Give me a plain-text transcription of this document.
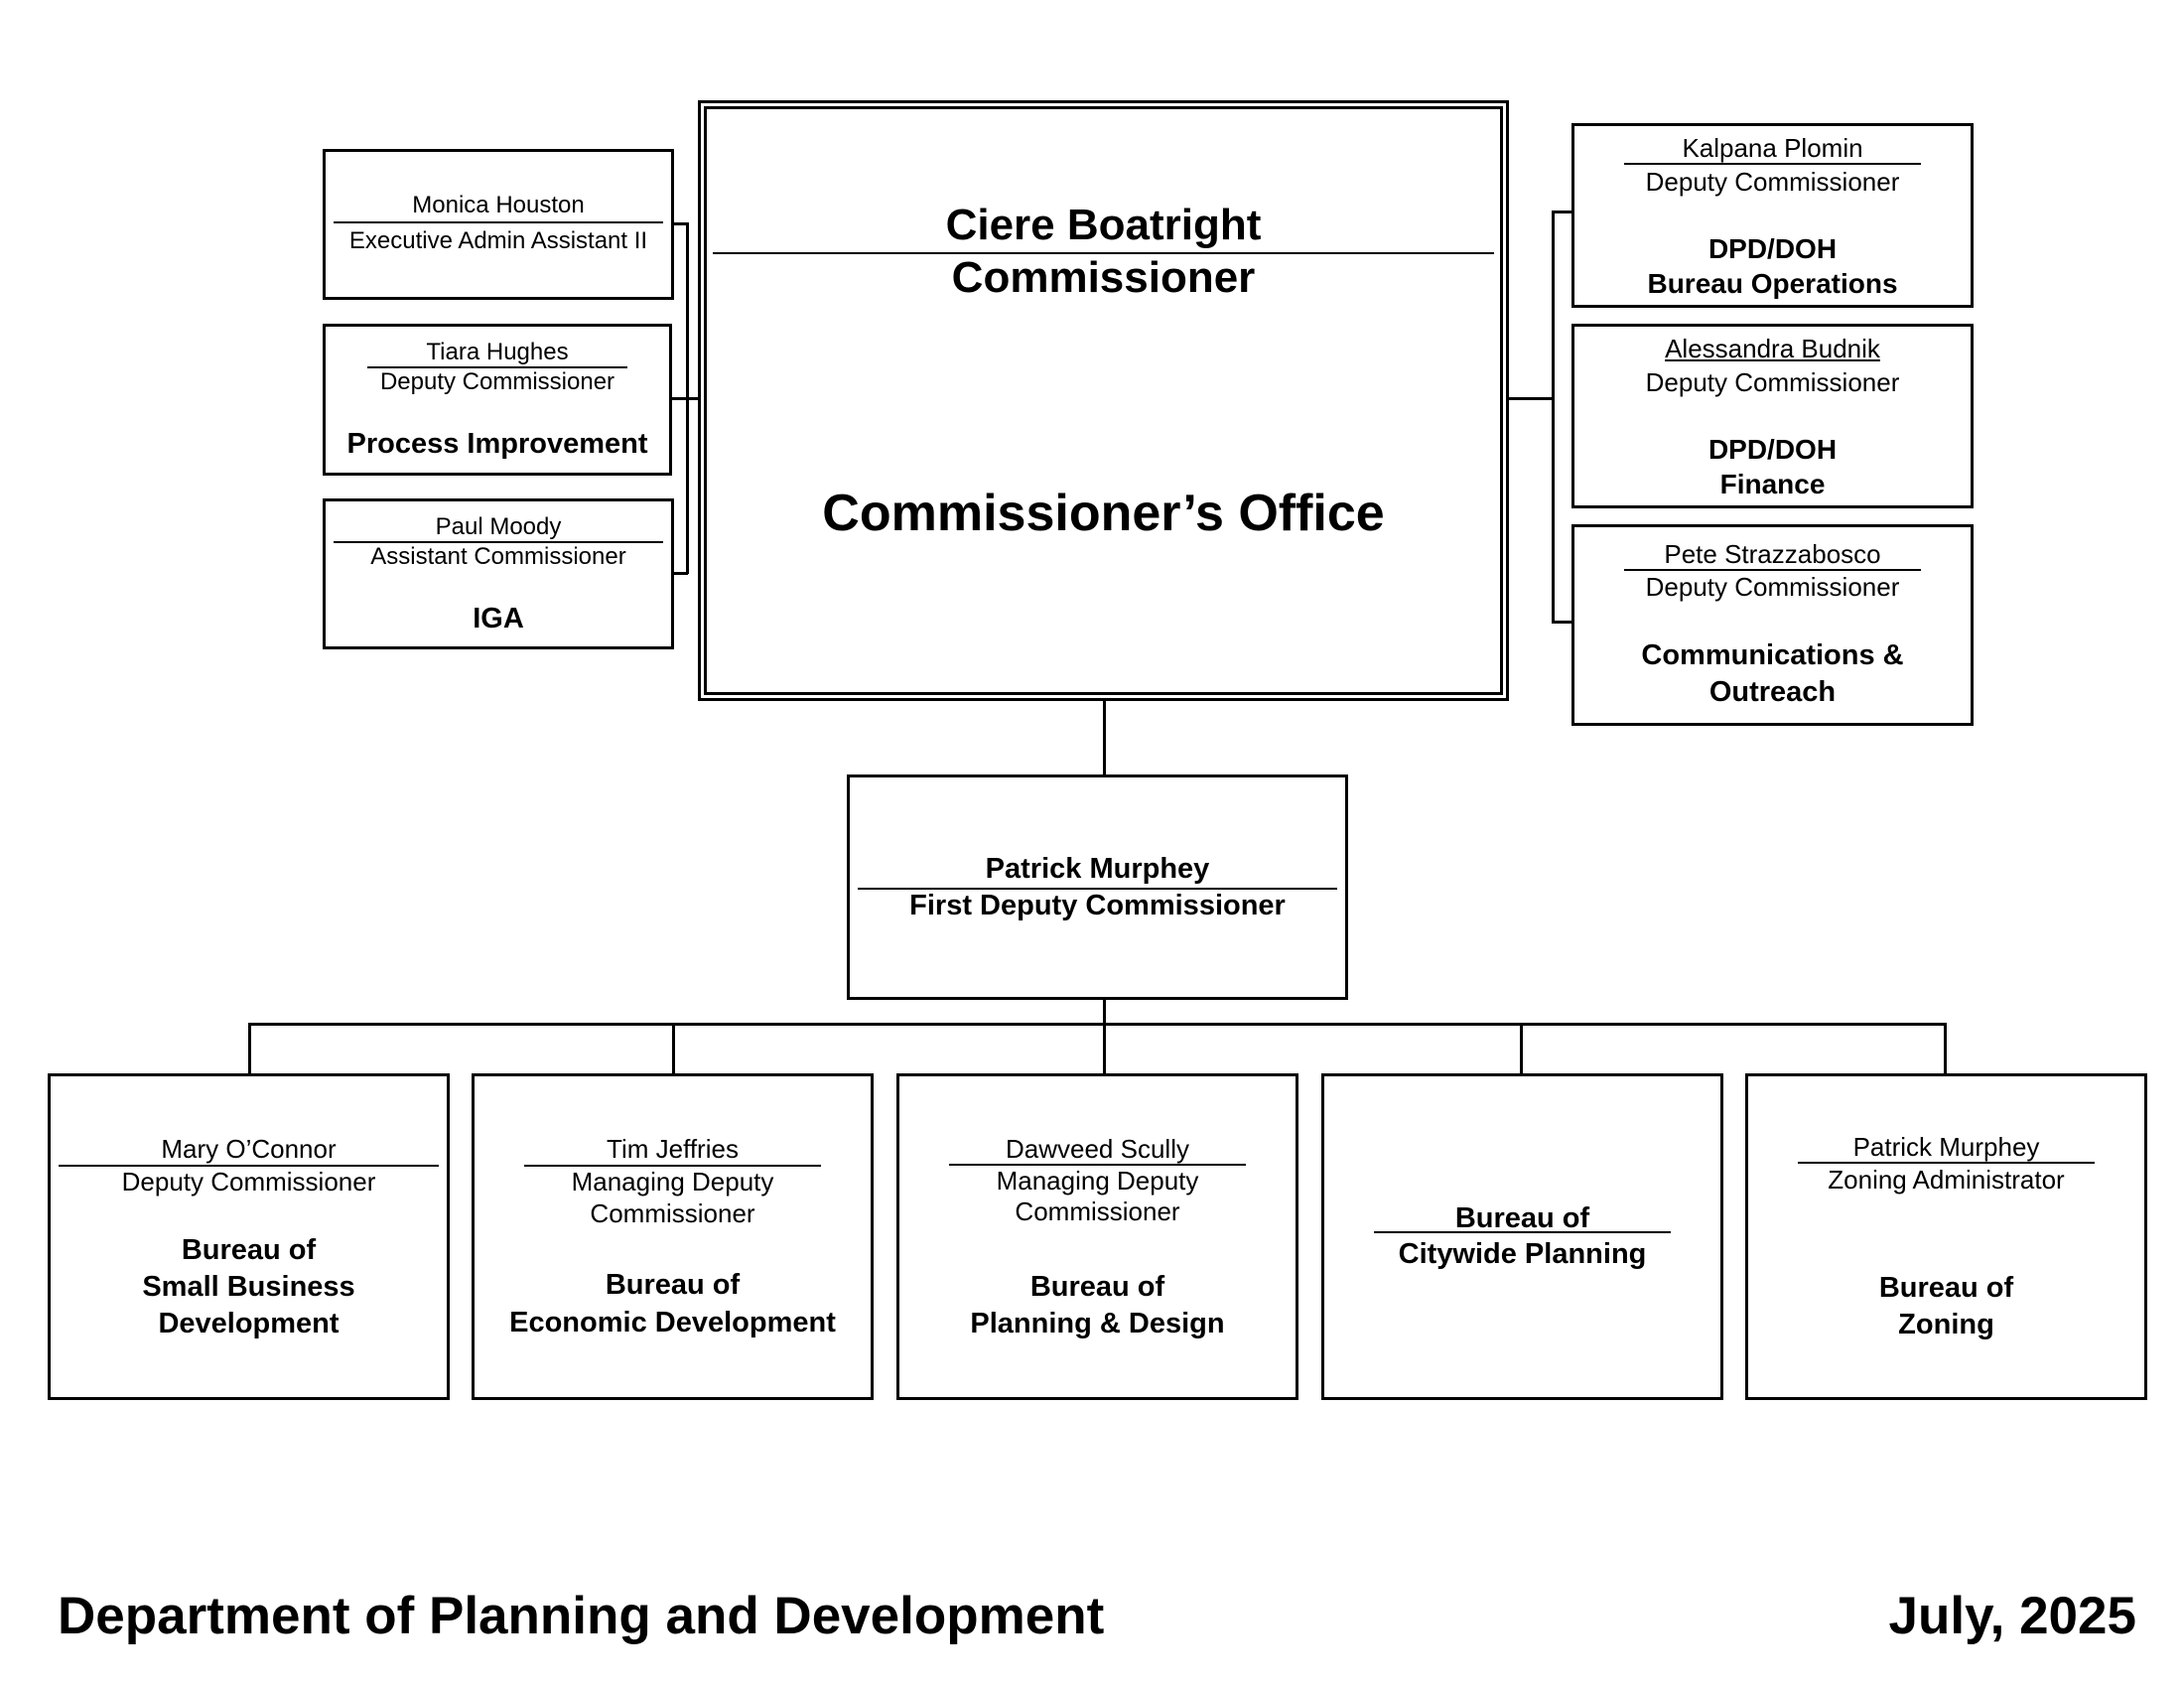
Ciere Boatright
Commissioner
Commissioner’s Office
Monica Houston
Executive Admin Assistant II
Tiara Hughes
Deputy Commissioner
Process Improvement
Paul Moody
Assistant Commissioner
IGA
Kalpana Plomin
Deputy Commissioner
DPD/DOH
Bureau Operations
Alessandra Budnik
Deputy Commissioner
DPD/DOH
Finance
Pete Strazzabosco
Deputy Commissioner
Communications &
Outreach
Patrick Murphey
First Deputy Commissioner
Mary O’Connor
Deputy Commissioner
Bureau of
Small Business
Development
Tim Jeffries
Managing Deputy
Commissioner
Bureau of
Economic Development
Dawveed Scully
Managing Deputy
Commissioner
Bureau of
Planning & Design
Bureau of
Citywide Planning
Patrick Murphey
Zoning Administrator
Bureau of
Zoning
Department of Planning and Development	July, 2025
